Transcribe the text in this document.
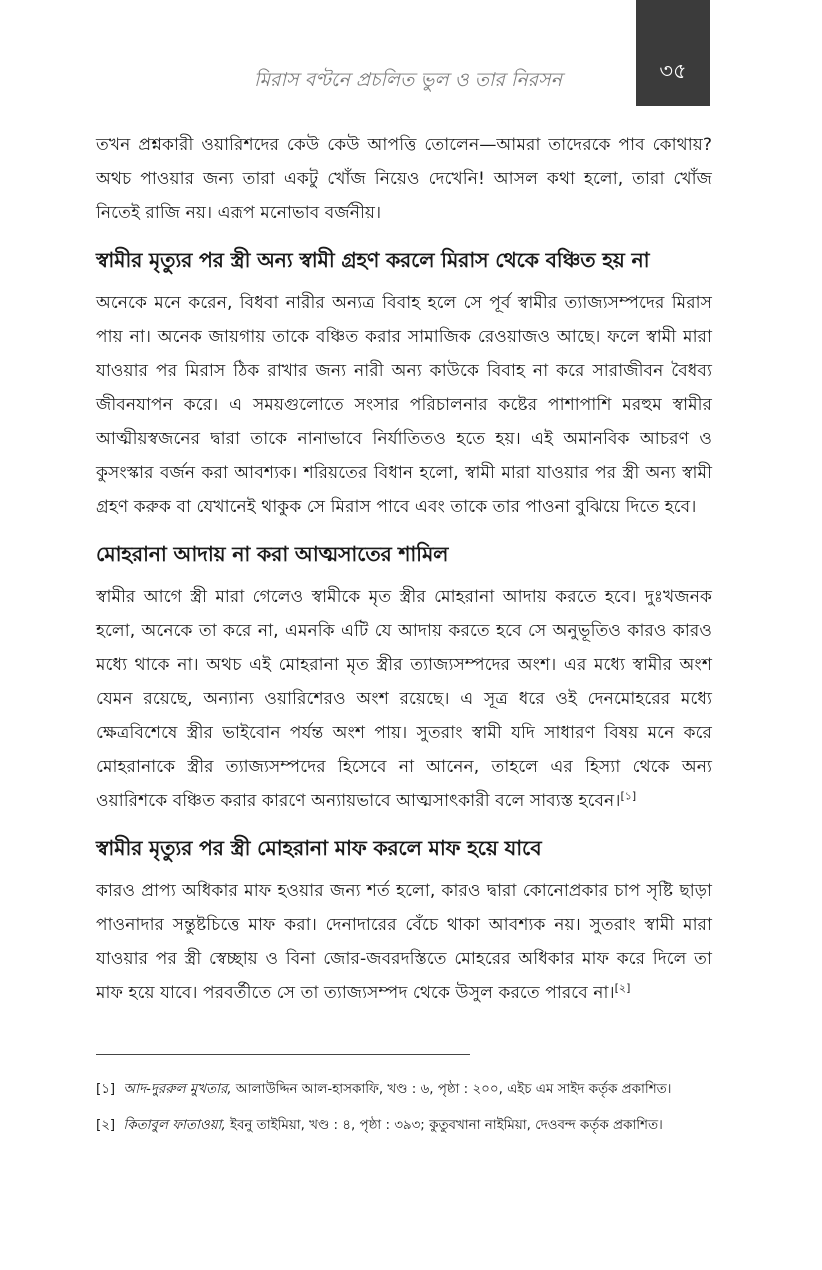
মিরাস বণ্টনে প্রচলিত ভুল ও তার নিরসন	৩৫

তখন প্রশ্নকারী ওয়ারিশদের কেউ কেউ আপত্তি তোলেন—আমরা তাদেরকে পাব কোথায়? অথচ পাওয়ার জন্য তারা একটু খোঁজ নিয়েও দেখেনি! আসল কথা হলো, তারা খোঁজ নিতেই রাজি নয়। এরূপ মনোভাব বর্জনীয়।

স্বামীর মৃত্যুর পর স্ত্রী অন্য স্বামী গ্রহণ করলে মিরাস থেকে বঞ্চিত হয় না

অনেকে মনে করেন, বিধবা নারীর অন্যত্র বিবাহ হলে সে পূর্ব স্বামীর ত্যাজ্যসম্পদের মিরাস পায় না। অনেক জায়গায় তাকে বঞ্চিত করার সামাজিক রেওয়াজও আছে। ফলে স্বামী মারা যাওয়ার পর মিরাস ঠিক রাখার জন্য নারী অন্য কাউকে বিবাহ না করে সারাজীবন বৈধব্য জীবনযাপন করে। এ সময়গুলোতে সংসার পরিচালনার কষ্টের পাশাপাশি মরহুম স্বামীর আত্মীয়স্বজনের দ্বারা তাকে নানাভাবে নির্যাতিতও হতে হয়। এই অমানবিক আচরণ ও কুসংস্কার বর্জন করা আবশ্যক। শরিয়তের বিধান হলো, স্বামী মারা যাওয়ার পর স্ত্রী অন্য স্বামী গ্রহণ করুক বা যেখানেই থাকুক সে মিরাস পাবে এবং তাকে তার পাওনা বুঝিয়ে দিতে হবে।

মোহরানা আদায় না করা আত্মসাতের শামিল

স্বামীর আগে স্ত্রী মারা গেলেও স্বামীকে মৃত স্ত্রীর মোহরানা আদায় করতে হবে। দুঃখজনক হলো, অনেকে তা করে না, এমনকি এটি যে আদায় করতে হবে সে অনুভূতিও কারও কারও মধ্যে থাকে না। অথচ এই মোহরানা মৃত স্ত্রীর ত্যাজ্যসম্পদের অংশ। এর মধ্যে স্বামীর অংশ যেমন রয়েছে, অন্যান্য ওয়ারিশেরও অংশ রয়েছে। এ সূত্র ধরে ওই দেনমোহরের মধ্যে ক্ষেত্রবিশেষে স্ত্রীর ভাইবোন পর্যন্ত অংশ পায়। সুতরাং স্বামী যদি সাধারণ বিষয় মনে করে মোহরানাকে স্ত্রীর ত্যাজ্যসম্পদের হিসেবে না আনেন, তাহলে এর হিস্যা থেকে অন্য ওয়ারিশকে বঞ্চিত করার কারণে অন্যায়ভাবে আত্মসাৎকারী বলে সাব্যস্ত হবেন।[১]

স্বামীর মৃত্যুর পর স্ত্রী মোহরানা মাফ করলে মাফ হয়ে যাবে

কারও প্রাপ্য অধিকার মাফ হওয়ার জন্য শর্ত হলো, কারও দ্বারা কোনোপ্রকার চাপ সৃষ্টি ছাড়া পাওনাদার সন্তুষ্টচিত্তে মাফ করা। দেনাদারের বেঁচে থাকা আবশ্যক নয়। সুতরাং স্বামী মারা যাওয়ার পর স্ত্রী স্বেচ্ছায় ও বিনা জোর-জবরদস্তিতে মোহরের অধিকার মাফ করে দিলে তা মাফ হয়ে যাবে। পরবর্তীতে সে তা ত্যাজ্যসম্পদ থেকে উসুল করতে পারবে না।[২]

[১] আদ-দুররুল মুখতার, আলাউদ্দিন আল-হাসকাফি, খণ্ড : ৬, পৃষ্ঠা : ২০০, এইচ এম সাইদ কর্তৃক প্রকাশিত।

[২] কিতাবুল ফাতাওয়া, ইবনু তাইমিয়া, খণ্ড : ৪, পৃষ্ঠা : ৩৯৩; কুতুবখানা নাইমিয়া, দেওবন্দ কর্তৃক প্রকাশিত।
